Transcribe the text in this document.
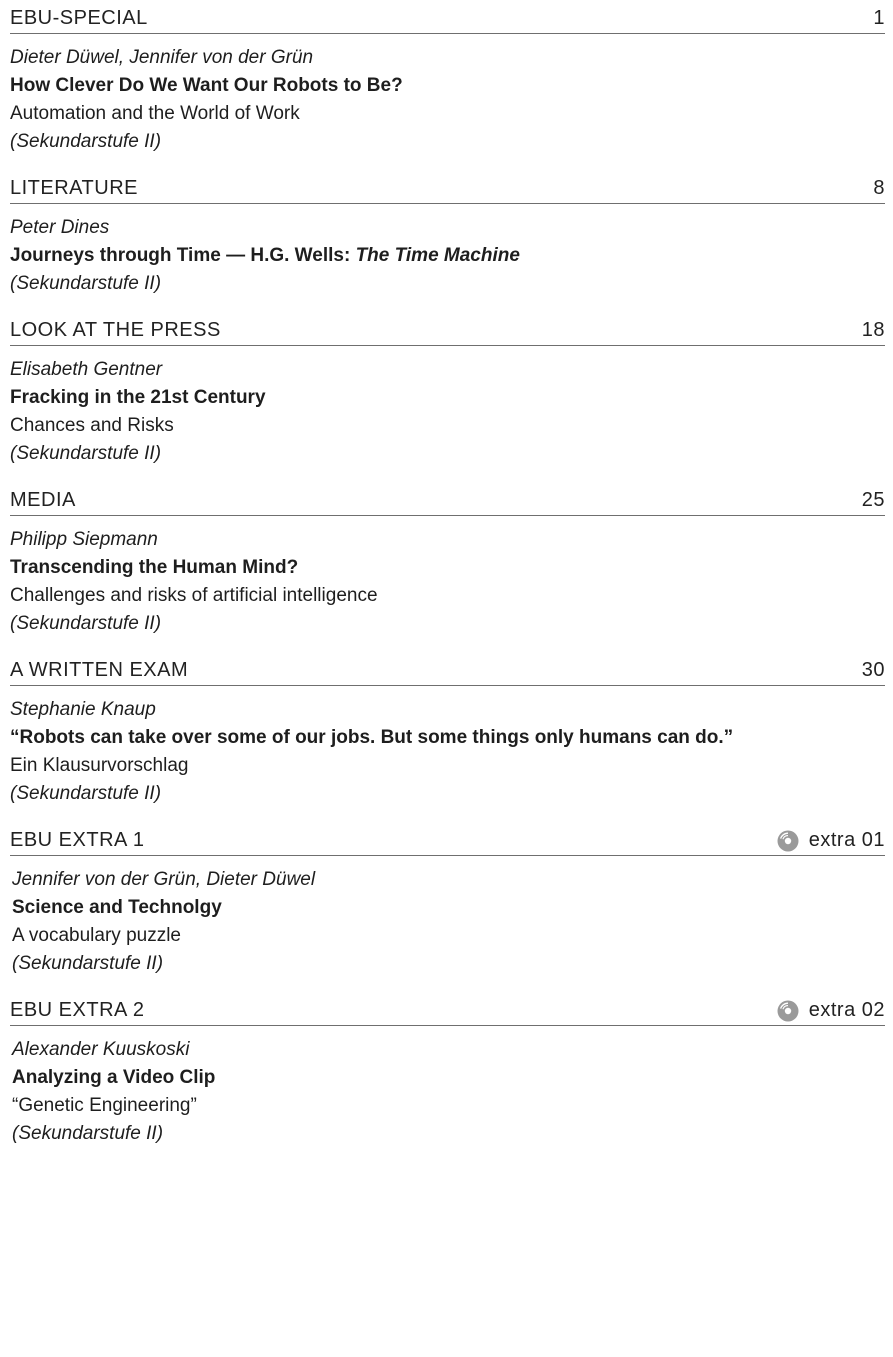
EBU-SPECIAL	1
Dieter Düwel, Jennifer von der Grün
How Clever Do We Want Our Robots to Be?
Automation and the World of Work
(Sekundarstufe II)
LITERATURE	8
Peter Dines
Journeys through Time — H.G. Wells: The Time Machine
(Sekundarstufe II)
LOOK AT THE PRESS	18
Elisabeth Gentner
Fracking in the 21st Century
Chances and Risks
(Sekundarstufe II)
MEDIA	25
Philipp Siepmann
Transcending the Human Mind?
Challenges and risks of artificial intelligence
(Sekundarstufe II)
A WRITTEN EXAM	30
Stephanie Knaup
“Robots can take over some of our jobs. But some things only humans can do.”
Ein Klausurvorschlag
(Sekundarstufe II)
EBU EXTRA 1	extra 01
Jennifer von der Grün, Dieter Düwel
Science and Technolgy
A vocabulary puzzle
(Sekundarstufe II)
EBU EXTRA 2	extra 02
Alexander Kuuskoski
Analyzing a Video Clip
“Genetic Engineering”
(Sekundarstufe II)
